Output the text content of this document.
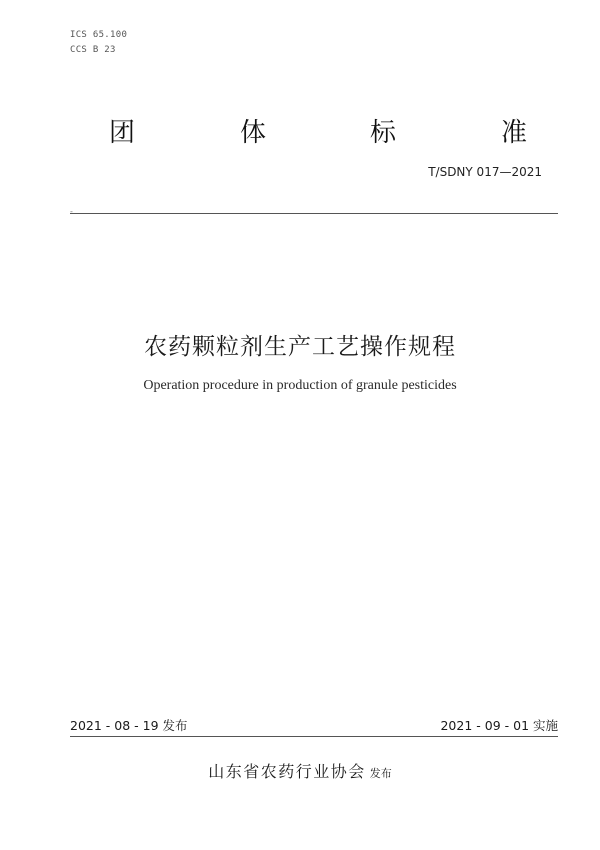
ICS 65.100
CCS B 23
团	体	标	准
T/SDNY 017—2021
-
农药颗粒剂生产工艺操作规程
Operation procedure in production of granule pesticides
2021 - 08 - 19 发布	2021 - 09 - 01 实施
山东省农药行业协会 发布
